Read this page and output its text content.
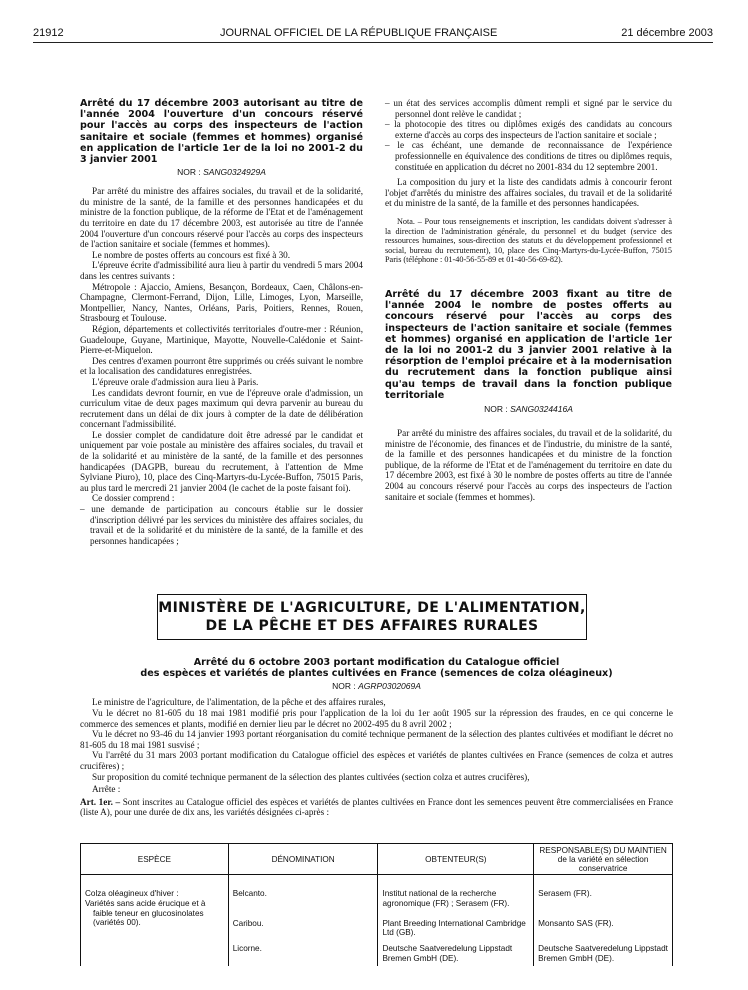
21912	JOURNAL OFFICIEL DE LA RÉPUBLIQUE FRANÇAISE	21 décembre 2003
Arrêté du 17 décembre 2003 autorisant au titre de l'année 2004 l'ouverture d'un concours réservé pour l'accès au corps des inspecteurs de l'action sanitaire et sociale (femmes et hommes) organisé en application de l'article 1er de la loi no 2001-2 du 3 janvier 2001
NOR : SANG0324929A

Par arrêté du ministre des affaires sociales, du travail et de la solidarité, du ministre de la santé, de la famille et des personnes handicapées et du ministre de la fonction publique, de la réforme de l'Etat et de l'aménagement du territoire en date du 17 décembre 2003, est autorisée au titre de l'année 2004 l'ouverture d'un concours réservé pour l'accès au corps des inspecteurs de l'action sanitaire et sociale (femmes et hommes).

Le nombre de postes offerts au concours est fixé à 30.

L'épreuve écrite d'admissibilité aura lieu à partir du vendredi 5 mars 2004 dans les centres suivants :

Métropole : Ajaccio, Amiens, Besançon, Bordeaux, Caen, Châlons-en-Champagne, Clermont-Ferrand, Dijon, Lille, Limoges, Lyon, Marseille, Montpellier, Nancy, Nantes, Orléans, Paris, Poitiers, Rennes, Rouen, Strasbourg et Toulouse.

Région, départements et collectivités territoriales d'outre-mer : Réunion, Guadeloupe, Guyane, Martinique, Mayotte, Nouvelle-Calédonie et Saint-Pierre-et-Miquelon.

Des centres d'examen pourront être supprimés ou créés suivant le nombre et la localisation des candidatures enregistrées.

L'épreuve orale d'admission aura lieu à Paris.

Les candidats devront fournir, en vue de l'épreuve orale d'admission, un curriculum vitae de deux pages maximum qui devra parvenir au bureau du recrutement dans un délai de dix jours à compter de la date de délibération concernant l'admissibilité.

Le dossier complet de candidature doit être adressé par le candidat et uniquement par voie postale au ministère des affaires sociales, du travail et de la solidarité et au ministère de la santé, de la famille et des personnes handicapées (DAGPB, bureau du recrutement, à l'attention de Mme Sylviane Piuro), 10, place des Cinq-Martyrs-du-Lycée-Buffon, 75015 Paris, au plus tard le mercredi 21 janvier 2004 (le cachet de la poste faisant foi).

Ce dossier comprend :

– une demande de participation au concours établie sur le dossier d'inscription délivré par les services du ministère des affaires sociales, du travail et de la solidarité et du ministère de la santé, de la famille et des personnes handicapées ;

– un état des services accomplis dûment rempli et signé par le service du personnel dont relève le candidat ;

– la photocopie des titres ou diplômes exigés des candidats au concours externe d'accès au corps des inspecteurs de l'action sanitaire et sociale ;

– le cas échéant, une demande de reconnaissance de l'expérience professionnelle en équivalence des conditions de titres ou diplômes requis, constituée en application du décret no 2001-834 du 12 septembre 2001.

La composition du jury et la liste des candidats admis à concourir feront l'objet d'arrêtés du ministre des affaires sociales, du travail et de la solidarité et du ministre de la santé, de la famille et des personnes handicapées.

Nota. – Pour tous renseignements et inscription, les candidats doivent s'adresser à la direction de l'administration générale, du personnel et du budget (service des ressources humaines, sous-direction des statuts et du développement professionnel et social, bureau du recrutement), 10, place des Cinq-Martyrs-du-Lycée-Buffon, 75015 Paris (téléphone : 01-40-56-55-89 et 01-40-56-69-82).

Arrêté du 17 décembre 2003 fixant au titre de l'année 2004 le nombre de postes offerts au concours réservé pour l'accès au corps des inspecteurs de l'action sanitaire et sociale (femmes et hommes) organisé en application de l'article 1er de la loi no 2001-2 du 3 janvier 2001 relative à la résorption de l'emploi précaire et à la modernisation du recrutement dans la fonction publique ainsi qu'au temps de travail dans la fonction publique territoriale
NOR : SANG0324416A

Par arrêté du ministre des affaires sociales, du travail et de la solidarité, du ministre de l'économie, des finances et de l'industrie, du ministre de la santé, de la famille et des personnes handicapées et du ministre de la fonction publique, de la réforme de l'Etat et de l'aménagement du territoire en date du 17 décembre 2003, est fixé à 30 le nombre de postes offerts au titre de l'année 2004 au concours réservé pour l'accès au corps des inspecteurs de l'action sanitaire et sociale (femmes et hommes).

MINISTÈRE DE L'AGRICULTURE, DE L'ALIMENTATION,
DE LA PÊCHE ET DES AFFAIRES RURALES
Arrêté du 6 octobre 2003 portant modification du Catalogue officiel
des espèces et variétés de plantes cultivées en France (semences de colza oléagineux)
NOR : AGRP0302069A

Le ministre de l'agriculture, de l'alimentation, de la pêche et des affaires rurales,

Vu le décret no 81-605 du 18 mai 1981 modifié pris pour l'application de la loi du 1er août 1905 sur la répression des fraudes, en ce qui concerne le commerce des semences et plants, modifié en dernier lieu par le décret no 2002-495 du 8 avril 2002 ;

Vu le décret no 93-46 du 14 janvier 1993 portant réorganisation du comité technique permanent de la sélection des plantes cultivées et modifiant le décret no 81-605 du 18 mai 1981 susvisé ;

Vu l'arrêté du 31 mars 2003 portant modification du Catalogue officiel des espèces et variétés de plantes cultivées en France (semences de colza et autres crucifères) ;

Sur proposition du comité technique permanent de la sélection des plantes cultivées (section colza et autres crucifères),

Arrête :

Art. 1er. – Sont inscrites au Catalogue officiel des espèces et variétés de plantes cultivées en France dont les semences peuvent être commercialisées en France (liste A), pour une durée de dix ans, les variétés désignées ci-après :

ESPÈCE	DÉNOMINATION	OBTENTEUR(S)	RESPONSABLE(S) DU MAINTIEN
de la variété en sélection conservatrice

Colza oléagineux d'hiver :
Variétés sans acide érucique et à faible teneur en glucosinolates (variétés 00).	Belcanto.	Institut national de la recherche agronomique (FR) ; Serasem (FR).	Serasem (FR).
	Caribou.	Plant Breeding International Cambridge Ltd (GB).	Monsanto SAS (FR).
	Licorne.	Deutsche Saatveredelung Lippstadt Bremen GmbH (DE).	Deutsche Saatveredelung Lippstadt Bremen GmbH (DE).
